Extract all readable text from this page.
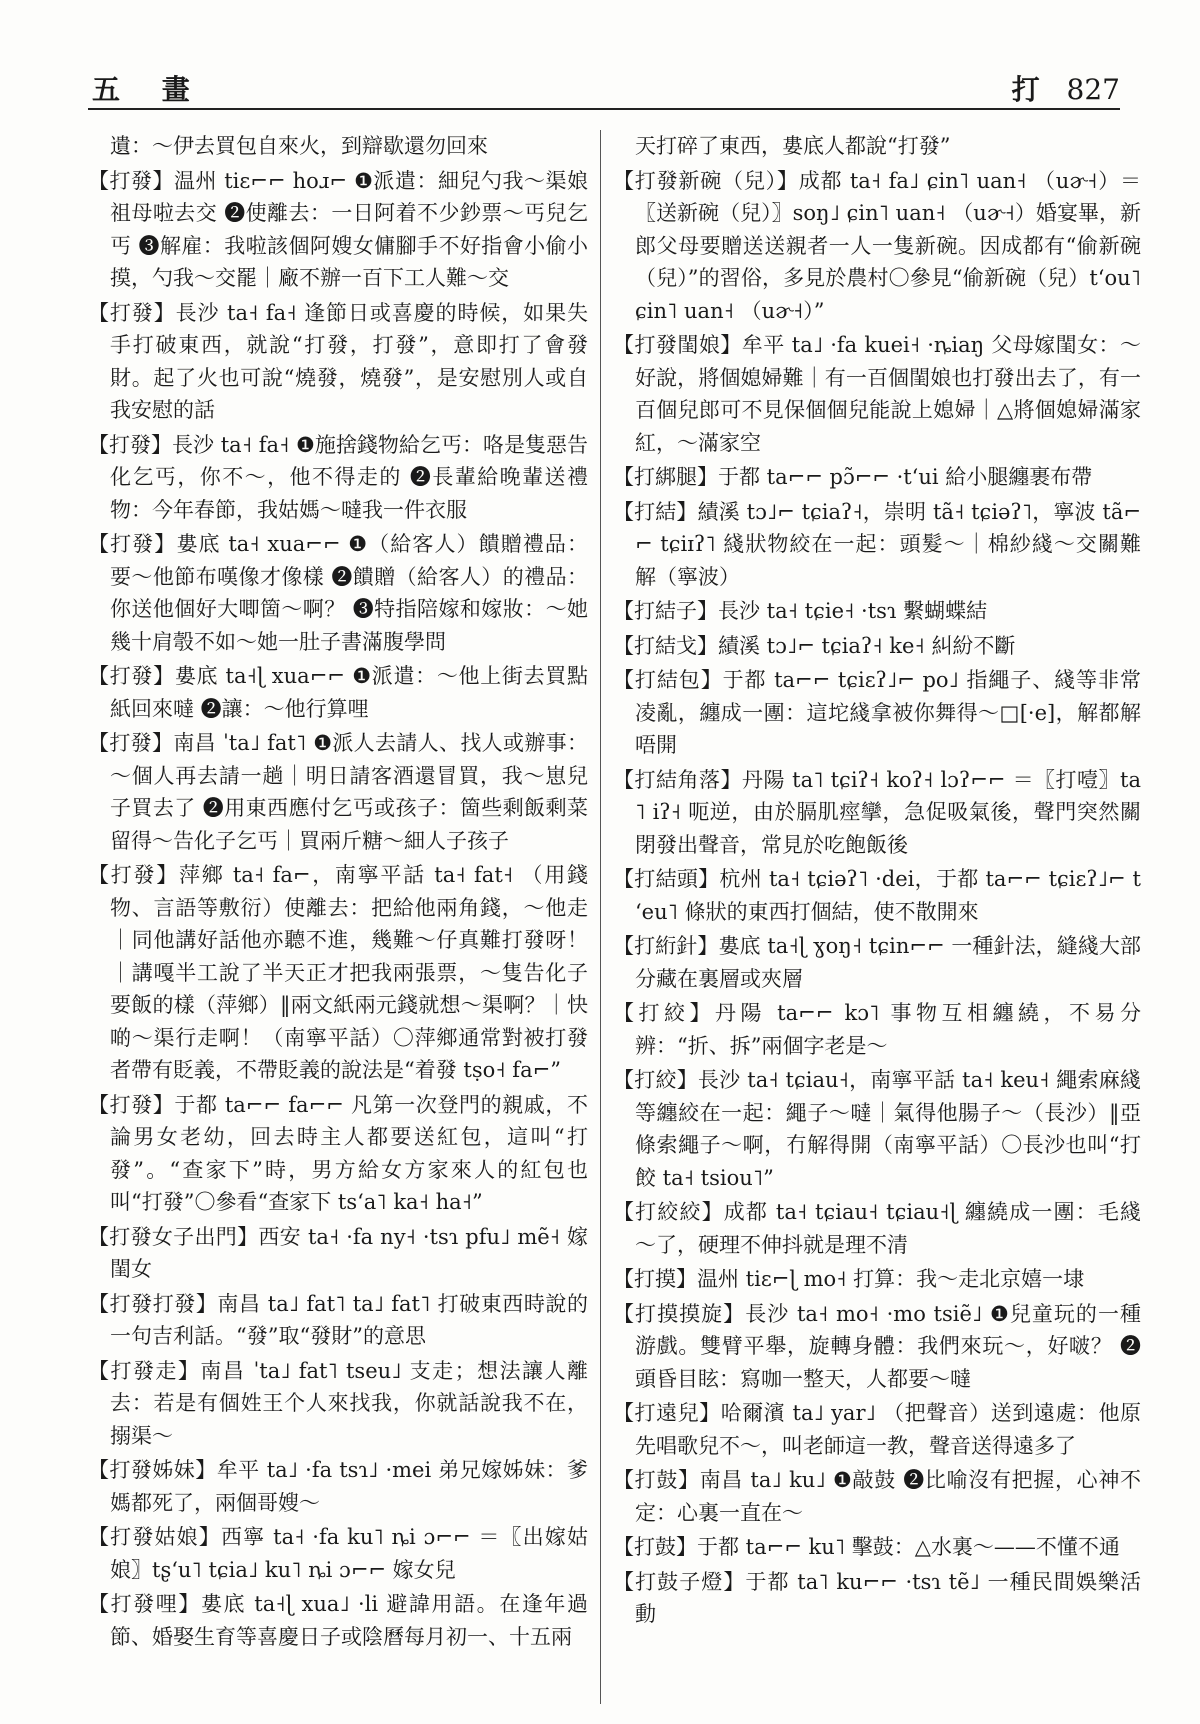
五 畫	打 827

遺：～伊去買包自來火，到辯歇還勿回來

【打發】温州 tiɛ⌐⌐ hoɹ⌐ ❶派遣：細兒勺我～渠娘 祖母啦去交 ❷使離去：一日阿着不少鈔票～丐兒乞丐 ❸解雇：我啦該個阿嫂女傭腳手不好指會小偷小摸，勺我～交罷｜廠不辦一百下工人難～交

【打發】長沙 ta˧ fa˧ 逢節日或喜慶的時候，如果失手打破東西，就說“打發，打發”，意即打了會發財。起了火也可說“燒發，燒發”，是安慰別人或自我安慰的話

【打發】長沙 ta˧ fa˧ ❶施捨錢物給乞丐：咯是隻惡告化乞丐，你不～，他不得走的 ❷長輩給晚輩送禮物：今年春節，我姑媽～噠我一件衣服

【打發】婁底 ta˧ xua⌐⌐ ❶（給客人）饋贈禮品：要～他節布嘆像才像樣 ❷饋贈（給客人）的禮品：你送他個好大唧箇～啊？ ❸特指陪嫁和嫁妝：～她幾十肩彀不如～她一肚子書滿腹學問

【打發】婁底 ta˧ɭ xua⌐⌐ ❶派遣：～他上街去買點紙回來噠 ❷讓：～他行算哩

【打發】南昌 ˈta˩ fat˥ ❶派人去請人、找人或辦事：～個人再去請一趟｜明日請客酒還冒買，我～崽兒子買去了 ❷用東西應付乞丐或孩子：箇些剩飯剩菜留得～告化子乞丐｜買兩斤糖～細人子孩子

【打發】萍鄉 ta˧ fa⌐，南寧平話 ta˧ fat˧ （用錢物、言語等敷衍）使離去：把給他兩角錢，～他走｜同他講好話他亦聽不進，幾難～仔真難打發呀！｜講嘎半工說了半天正才把我兩張票，～隻告化子要飯的樣（萍鄉）‖兩文紙兩元錢就想～渠啊？｜快啲～渠行走啊！（南寧平話）〇萍鄉通常對被打發者帶有貶義，不帶貶義的說法是“着發 tṣo˧ fa⌐”

【打發】于都 ta⌐⌐ fa⌐⌐ 凡第一次登門的親戚，不論男女老幼，回去時主人都要送紅包，這叫“打發”。“查家下”時，男方給女方家來人的紅包也叫“打發”〇參看“查家下 tsʻa˥ ka˧ ha˧”

【打發女子出門】西安 ta˧ ·fa ny˧ ·tsɿ pfu˩ mẽ˧ 嫁閨女

【打發打發】南昌 ta˩ fat˥ ta˩ fat˥ 打破東西時說的一句吉利話。“發”取“發財”的意思

【打發走】南昌 ˈta˩ fat˥ tseu˩ 支走；想法讓人離去：若是有個姓王个人來找我，你就話說我不在，搦渠～

【打發姊妹】牟平 ta˩ ·fa tsɿ˩ ·mei 弟兄嫁姊妹：爹媽都死了，兩個哥嫂～

【打發姑娘】西寧 ta˧ ·fa ku˥ ȵi ɔ⌐⌐ ＝〖出嫁姑娘〗tʂʻu˥ tɕia˩ ku˥ ȵi ɔ⌐⌐ 嫁女兒

【打發哩】婁底 ta˧ɭ xua˩ ·li 避諱用語。在逢年過節、婚娶生育等喜慶日子或陰曆每月初一、十五兩

天打碎了東西，婁底人都說“打發”

【打發新碗（兒）】成都 ta˧ fa˩ ɕin˥ uan˧ （uɚ˧）＝〖送新碗（兒）〗soŋ˩ ɕin˥ uan˧ （uɚ˧）婚宴畢，新郎父母要贈送送親者一人一隻新碗。因成都有“偷新碗（兒）”的習俗，多見於農村〇參見“偷新碗（兒）tʻou˥ ɕin˥ uan˧ （uɚ˧）”

【打發閨娘】牟平 ta˩ ·fa kuei˧ ·ȵiaŋ 父母嫁閨女：～好說，將個媳婦難｜有一百個閨娘也打發出去了，有一百個兒郎可不見保個個兒能說上媳婦｜△將個媳婦滿家紅，～滿家空

【打綁腿】于都 ta⌐⌐ pɔ̃⌐⌐ ·tʻui 給小腿纏裹布帶

【打結】績溪 tɔ˩⌐ tɕiaʔ˧，崇明 tã˧ tɕiəʔ˥，寧波 tã⌐⌐ tɕiɪʔ˥ 綫狀物絞在一起：頭髮～｜棉紗綫～交關難解（寧波）

【打結子】長沙 ta˧ tɕie˧ ·tsɿ 繫蝴蝶結

【打結戈】績溪 tɔ˩⌐ tɕiaʔ˧ ke˧ 糾紛不斷

【打結包】于都 ta⌐⌐ tɕiɛʔ˩⌐ po˩ 指繩子、綫等非常凌亂，纏成一團：這坨綫拿被你舞得～□[·e]，解都解唔開

【打結角落】丹陽 ta˥ tɕiʔ˧ koʔ˧ lɔʔ⌐⌐ ＝〖打噎〗ta˥ iʔ˧ 呃逆，由於膈肌痙攣，急促吸氣後，聲門突然關閉發出聲音，常見於吃飽飯後

【打結頭】杭州 ta˧ tɕiəʔ˥ ·dei，于都 ta⌐⌐ tɕiɛʔ˩⌐ tʻeu˥ 條狀的東西打個結，使不散開來

【打絎針】婁底 ta˧ɭ ɣoŋ˧ tɕin⌐⌐ 一種針法，縫綫大部分藏在裏層或夾層

【打絞】丹陽 ta⌐⌐ kɔ˥ 事物互相纏繞，不易分辨：“折、拆”兩個字老是～

【打絞】長沙 ta˧ tɕiau˧，南寧平話 ta˧ keu˧ 繩索麻綫等纏絞在一起：繩子～噠｜氣得他腸子～（長沙）‖亞條索繩子～啊，冇解得開（南寧平話）〇長沙也叫“打餃 ta˧ tsiou˥”

【打絞絞】成都 ta˧ tɕiau˧ tɕiau˧ɭ 纏繞成一團：毛綫～了，硬理不伸抖就是理不清

【打摸】温州 tiɛ⌐ɭ mo˧ 打算：我～走北京嬉一埭

【打摸摸旋】長沙 ta˧ mo˧ ·mo tsiẽ˩ ❶兒童玩的一種游戲。雙臂平舉，旋轉身體：我們來玩～，好啵？ ❷頭昏目眩：寫咖一整天，人都要～噠

【打遠兒】哈爾濱 ta˩ yar˩ （把聲音）送到遠處：他原先唱歌兒不～，叫老師這一教，聲音送得遠多了

【打鼓】南昌 ta˩ ku˩ ❶敲鼓 ❷比喻沒有把握，心神不定：心裏一直在～

【打鼓】于都 ta⌐⌐ ku˥ 擊鼓：△水裏～——不懂不通

【打鼓子燈】于都 ta˥ ku⌐⌐ ·tsɿ tẽ˩ 一種民間娛樂活動
